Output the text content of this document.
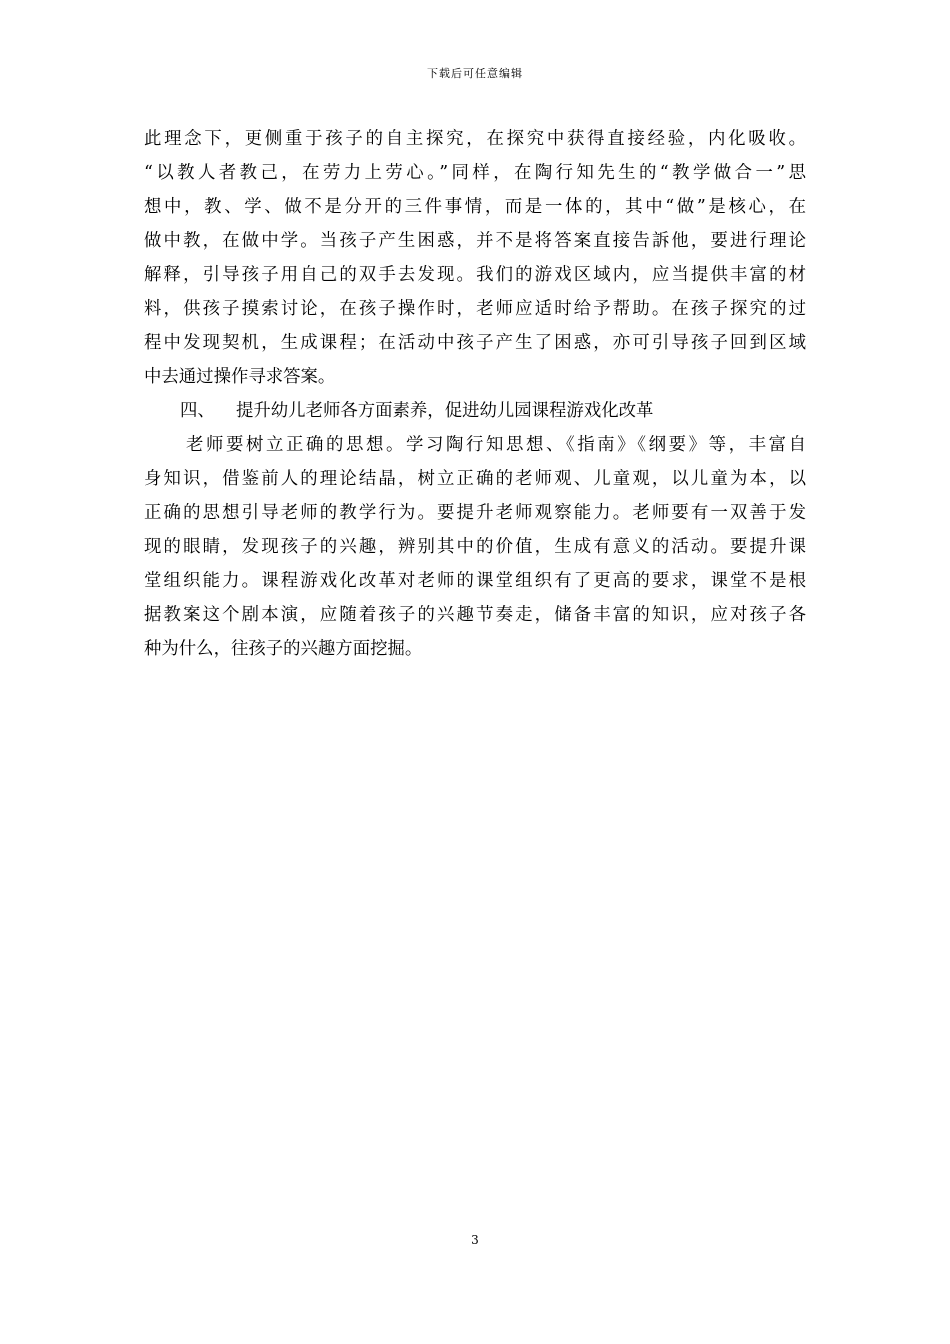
下载后可任意编辑
此理念下，更侧重于孩子的自主探究，在探究中获得直接经验，内化吸收。
“以教人者教己，在劳力上劳心。”同样，在陶行知先生的“教学做合一”思
想中，教、学、做不是分开的三件事情，而是一体的，其中“做”是核心，在
做中教，在做中学。当孩子产生困惑，并不是将答案直接告訴他，要进行理论
解释，引导孩子用自己的双手去发现。我们的游戏区域内，应当提供丰富的材
料，供孩子摸索讨论，在孩子操作时，老师应适时给予帮助。在孩子探究的过
程中发现契机，生成课程；在活动中孩子产生了困惑，亦可引导孩子回到区域
中去通过操作寻求答案。
四、 提升幼儿老师各方面素养，促进幼儿园课程游戏化改革
老师要树立正确的思想。学习陶行知思想、《指南》《纲要》等，丰富自
身知识，借鉴前人的理论结晶，树立正确的老师观、儿童观，以儿童为本，以
正确的思想引导老师的教学行为。要提升老师观察能力。老师要有一双善于发
现的眼睛，发现孩子的兴趣，辨别其中的价值，生成有意义的活动。要提升课
堂组织能力。课程游戏化改革对老师的课堂组织有了更高的要求，课堂不是根
据教案这个剧本演，应随着孩子的兴趣节奏走，储备丰富的知识，应对孩子各
种为什么，往孩子的兴趣方面挖掘。
3
